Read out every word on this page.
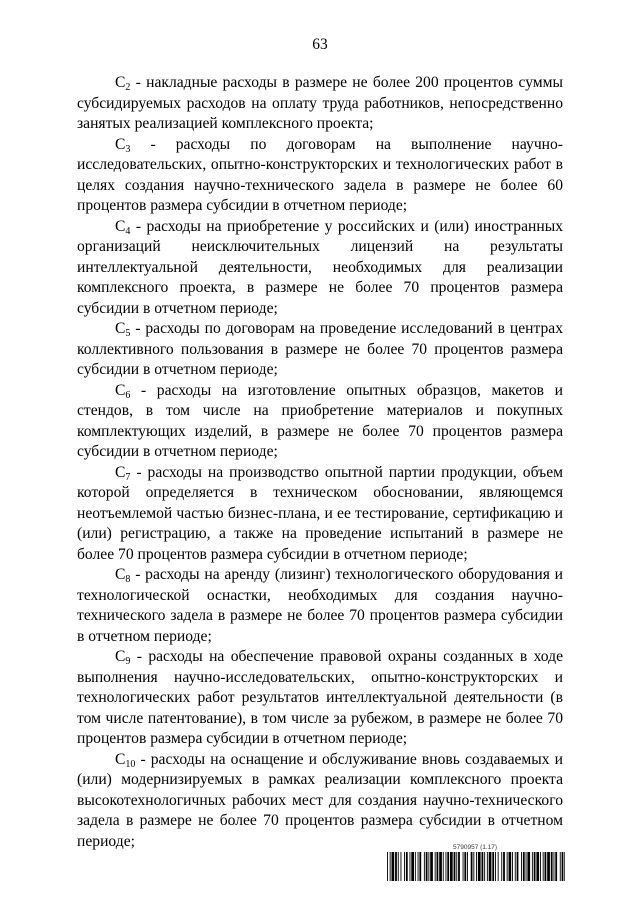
63

$C_2$ - накладные расходы в размере не более 200 процентов суммы субсидируемых расходов на оплату труда работников, непосредственно занятых реализацией комплексного проекта;

$C_3$ - расходы по договорам на выполнение научно-исследовательских, опытно-конструкторских и технологических работ в целях создания научно-технического задела в размере не более 60 процентов размера субсидии в отчетном периоде;

$C_4$ - расходы на приобретение у российских и (или) иностранных организаций неисключительных лицензий на результаты интеллектуальной деятельности, необходимых для реализации комплексного проекта, в размере не более 70 процентов размера субсидии в отчетном периоде;

$C_5$ - расходы по договорам на проведение исследований в центрах коллективного пользования в размере не более 70 процентов размера субсидии в отчетном периоде;

$C_6$ - расходы на изготовление опытных образцов, макетов и стендов, в том числе на приобретение материалов и покупных комплектующих изделий, в размере не более 70 процентов размера субсидии в отчетном периоде;

$C_7$ - расходы на производство опытной партии продукции, объем которой определяется в техническом обосновании, являющемся неотъемлемой частью бизнес-плана, и ее тестирование, сертификацию и (или) регистрацию, а также на проведение испытаний в размере не более 70 процентов размера субсидии в отчетном периоде;

$C_8$ - расходы на аренду (лизинг) технологического оборудования и технологической оснастки, необходимых для создания научно-технического задела в размере не более 70 процентов размера субсидии в отчетном периоде;

$C_9$ - расходы на обеспечение правовой охраны созданных в ходе выполнения научно-исследовательских, опытно-конструкторских и технологических работ результатов интеллектуальной деятельности (в том числе патентование), в том числе за рубежом, в размере не более 70 процентов размера субсидии в отчетном периоде;

$C_{10}$ - расходы на оснащение и обслуживание вновь создаваемых и (или) модернизируемых в рамках реализации комплексного проекта высокотехнологичных рабочих мест для создания научно-технического задела в размере не более 70 процентов размера субсидии в отчетном периоде;	5790957 (1.17)
